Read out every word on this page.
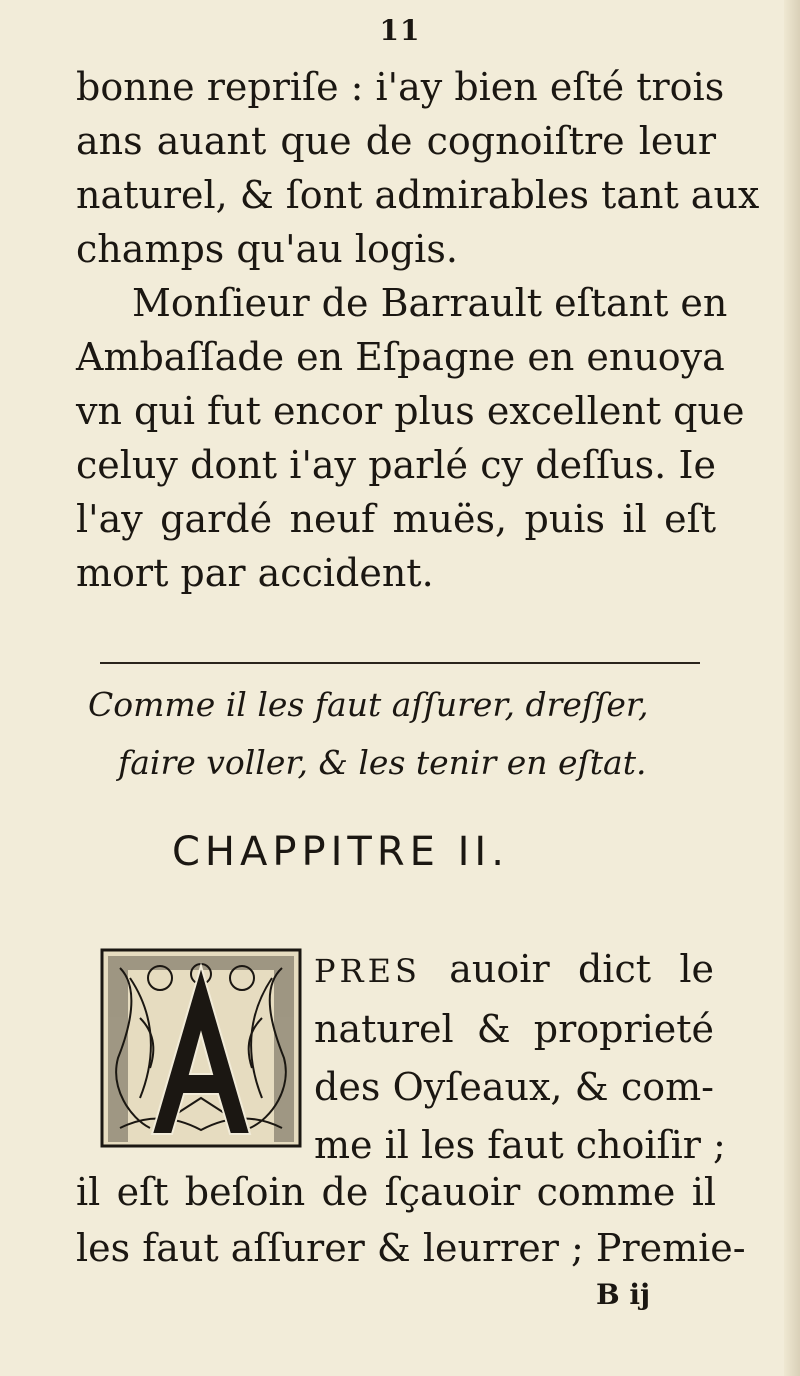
11
bonne repriſe : i'ay bien eſté trois
ans auant que de cognoiſtre leur
naturel, & ſont admirables tant aux
champs qu'au logis.
Monſieur de Barrault eſtant en
Ambaſſade en Eſpagne en enuoya
vn qui fut encor plus excellent que
celuy dont i'ay parlé cy deſſus. Ie
l'ay gardé neuf muës, puis il eſt
mort par accident.
Comme il les faut aſſurer, dreſſer,
faire voller, & les tenir en eſtat.
CHAPPITRE II.
PRES auoir dict le
naturel & proprieté
des Oyſeaux, & com-
me il les faut choiſir ;
il eſt beſoin de ſçauoir comme il
les faut aſſurer & leurrer ; Premie-
B ij
